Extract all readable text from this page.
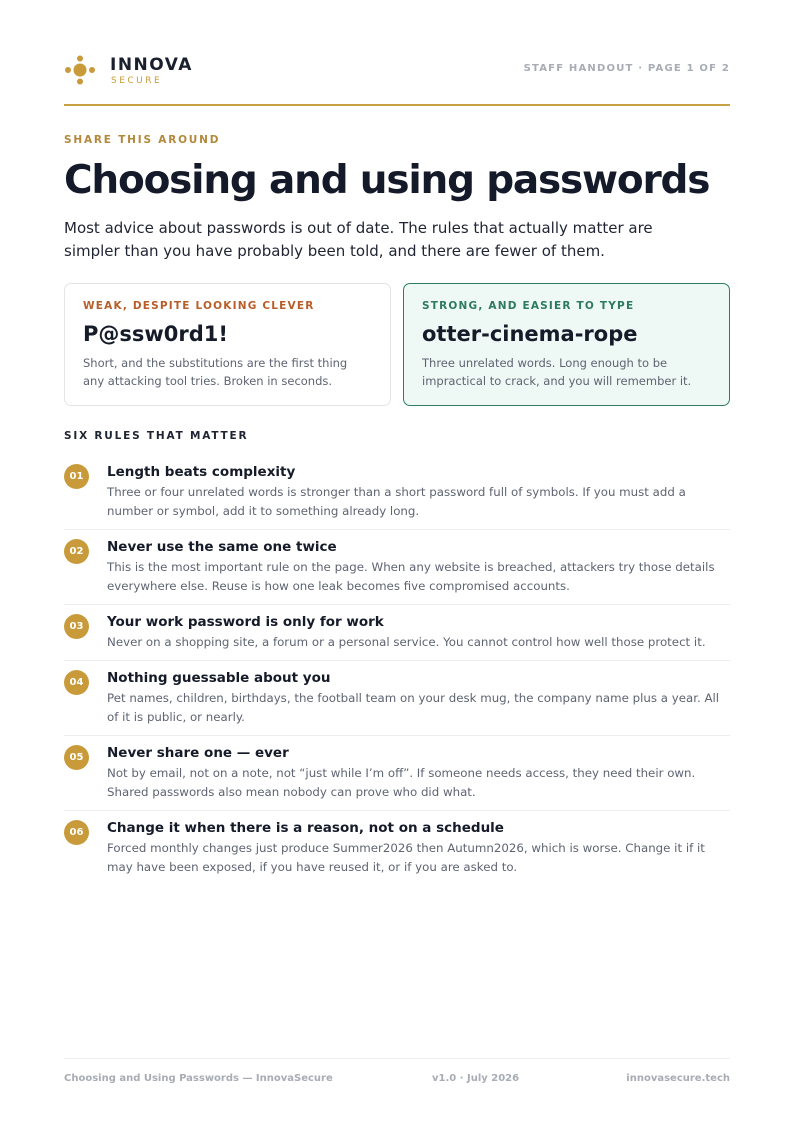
INNOVA
SECURE
STAFF HANDOUT · PAGE 1 OF 2
SHARE THIS AROUND
Choosing and using passwords

Most advice about passwords is out of date. The rules that actually matter are simpler than you have probably been told, and there are fewer of them.

WEAK, DESPITE LOOKING CLEVER
P@ssw0rd1!
Short, and the substitutions are the first thing any attacking tool tries. Broken in seconds.
STRONG, AND EASIER TO TYPE
otter-cinema-rope
Three unrelated words. Long enough to be impractical to crack, and you will remember it.
SIX RULES THAT MATTER
01	Length beats complexity
Three or four unrelated words is stronger than a short password full of symbols. If you must add a number or symbol, add it to something already long.
02	Never use the same one twice
This is the most important rule on the page. When any website is breached, attackers try those details everywhere else. Reuse is how one leak becomes five compromised accounts.
03	Your work password is only for work
Never on a shopping site, a forum or a personal service. You cannot control how well those protect it.
04	Nothing guessable about you
Pet names, children, birthdays, the football team on your desk mug, the company name plus a year. All of it is public, or nearly.
05	Never share one — ever
Not by email, not on a note, not “just while I’m off”. If someone needs access, they need their own. Shared passwords also mean nobody can prove who did what.
06	Change it when there is a reason, not on a schedule
Forced monthly changes just produce Summer2026 then Autumn2026, which is worse. Change it if it may have been exposed, if you have reused it, or if you are asked to.
Choosing and Using Passwords — InnovaSecure	v1.0 · July 2026	innovasecure.tech
